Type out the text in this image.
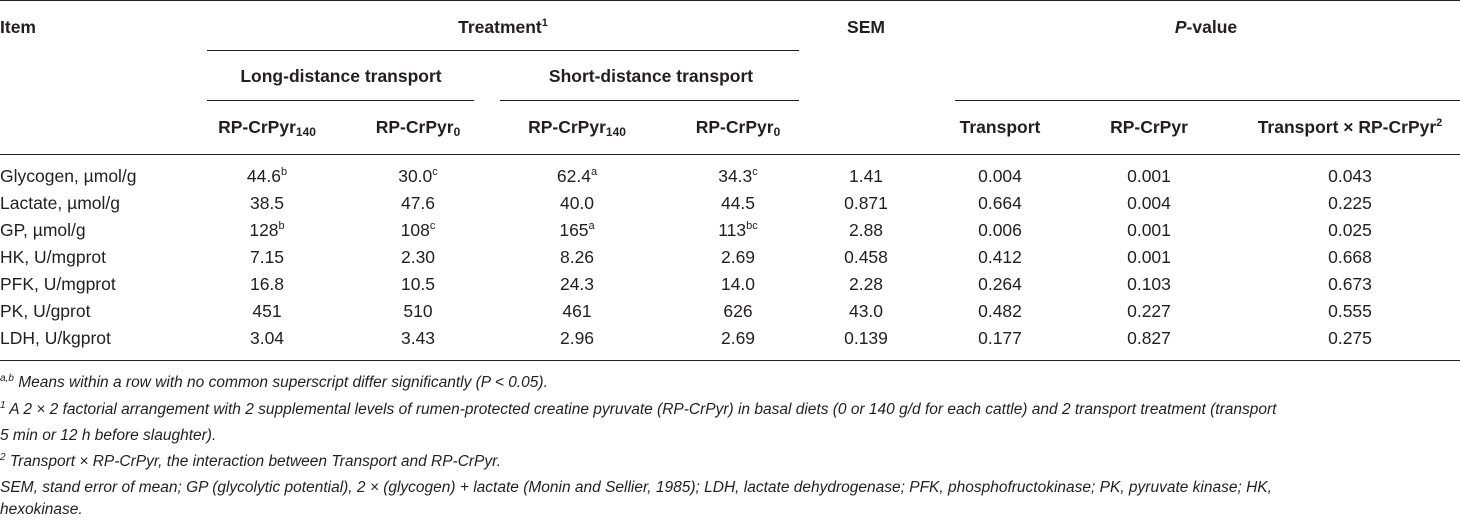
Item	Treatment$^1$	SEM	P-value
Long-distance transport	Short-distance transport
RP-CrPyr$_{140}$	RP-CrPyr$_0$	RP-CrPyr$_{140}$	RP-CrPyr$_0$	Transport	RP-CrPyr	Transport × RP-CrPyr$^2$
Glycogen, µmol/g	44.6$^b$	30.0$^c$	62.4$^a$	34.3$^c$	1.41	0.004	0.001	0.043
Lactate, µmol/g	38.5	47.6	40.0	44.5	0.871	0.664	0.004	0.225
GP, µmol/g	128$^b$	108$^c$	165$^a$	$113^{bc}$	2.88	0.006	0.001	0.025
HK, U/mgprot	7.15	2.30	8.26	2.69	0.458	0.412	0.001	0.668
PFK, U/mgprot	16.8	10.5	24.3	14.0	2.28	0.264	0.103	0.673
PK, U/gprot	451	510	461	626	43.0	0.482	0.227	0.555
LDH, U/kgprot	3.04	3.43	2.96	2.69	0.139	0.177	0.827	0.275
$^{a,b}$ Means within a row with no common superscript differ significantly (P < 0.05).
$^1$ A 2 × 2 factorial arrangement with 2 supplemental levels of rumen-protected creatine pyruvate (RP-CrPyr) in basal diets (0 or 140 g/d for each cattle) and 2 transport treatment (transport
5 min or 12 h before slaughter).
$^2$ Transport × RP-CrPyr, the interaction between Transport and RP-CrPyr.
SEM, stand error of mean; GP (glycolytic potential), 2 × (glycogen) + lactate (Monin and Sellier, 1985); LDH, lactate dehydrogenase; PFK, phosphofructokinase; PK, pyruvate kinase; HK,
hexokinase.
